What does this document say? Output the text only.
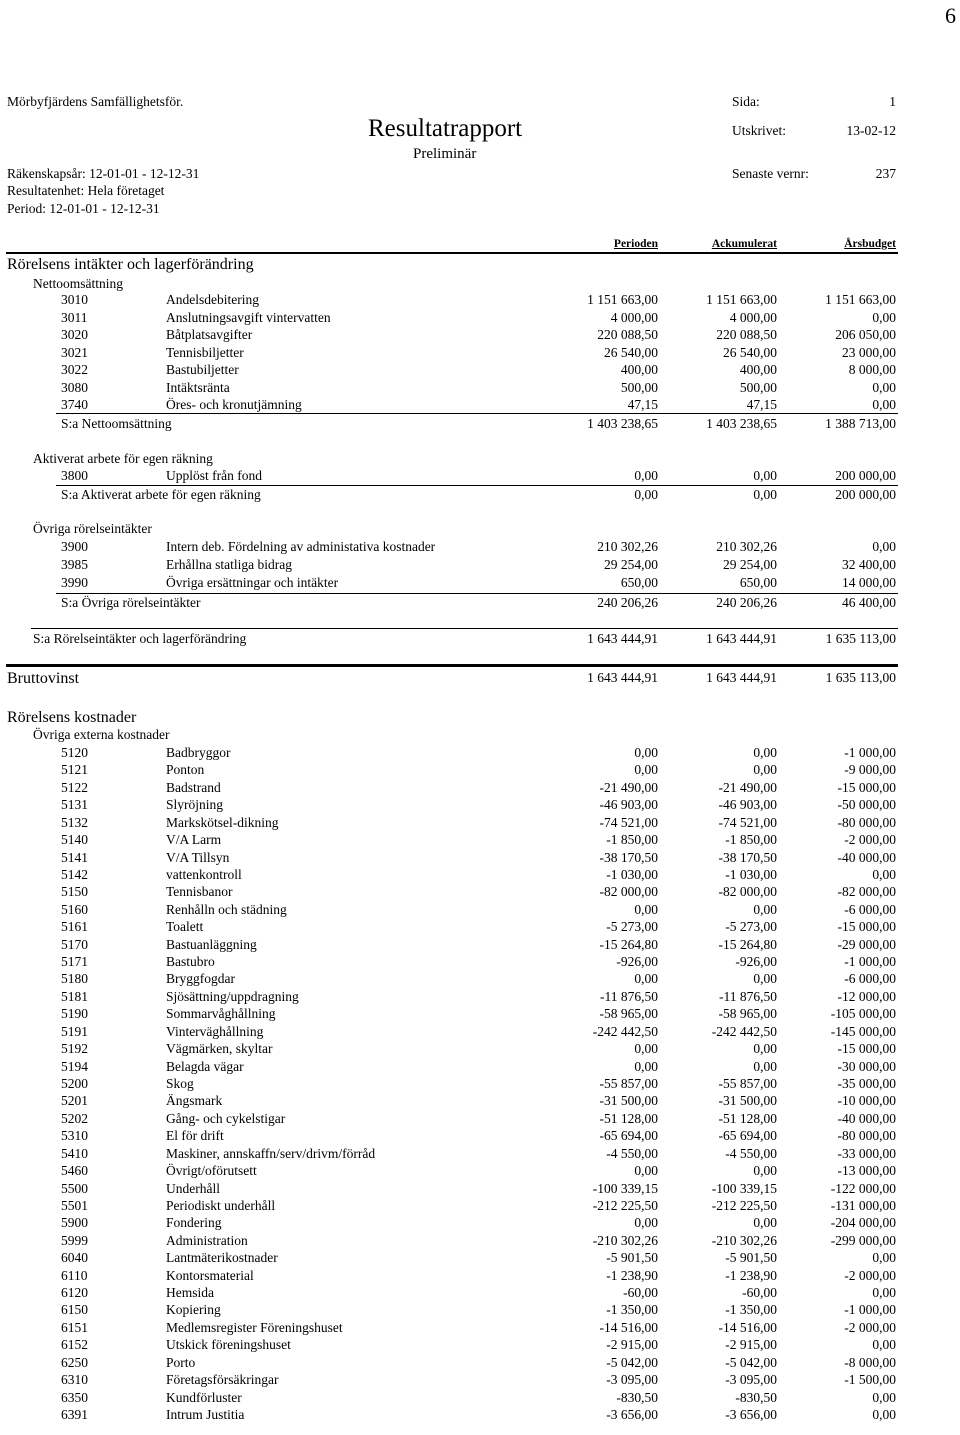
6
Mörbyfjärdens Samfällighetsför.
Resultatrapport
Preliminär
Räkenskapsår: 12-01-01 - 12-12-31
Resultatenhet: Hela företaget
Period: 12-01-01 - 12-12-31
Sida:	1
Utskrivet:	13-02-12
Senaste vernr:	237
Perioden	Ackumulerat	Årsbudget
Rörelsens intäkter och lagerförändring
Nettoomsättning
3010	Andelsdebitering	1 151 663,00	1 151 663,00	1 151 663,00
3011	Anslutningsavgift vintervatten	4 000,00	4 000,00	0,00
3020	Båtplatsavgifter	220 088,50	220 088,50	206 050,00
3021	Tennisbiljetter	26 540,00	26 540,00	23 000,00
3022	Bastubiljetter	400,00	400,00	8 000,00
3080	Intäktsränta	500,00	500,00	0,00
3740	Öres- och kronutjämning	47,15	47,15	0,00
S:a Nettoomsättning	1 403 238,65	1 403 238,65	1 388 713,00
Aktiverat arbete för egen räkning
3800	Upplöst från fond	0,00	0,00	200 000,00
S:a Aktiverat arbete för egen räkning	0,00	0,00	200 000,00
Övriga rörelseintäkter
3900	Intern deb. Fördelning av administativa kostnader	210 302,26	210 302,26	0,00
3985	Erhållna statliga bidrag	29 254,00	29 254,00	32 400,00
3990	Övriga ersättningar och intäkter	650,00	650,00	14 000,00
S:a Övriga rörelseintäkter	240 206,26	240 206,26	46 400,00
S:a Rörelseintäkter och lagerförändring	1 643 444,91	1 643 444,91	1 635 113,00
Bruttovinst	1 643 444,91	1 643 444,91	1 635 113,00
Rörelsens kostnader
Övriga externa kostnader
5120	Badbryggor	0,00	0,00	-1 000,00
5121	Ponton	0,00	0,00	-9 000,00
5122	Badstrand	-21 490,00	-21 490,00	-15 000,00
5131	Slyröjning	-46 903,00	-46 903,00	-50 000,00
5132	Markskötsel-dikning	-74 521,00	-74 521,00	-80 000,00
5140	V/A Larm	-1 850,00	-1 850,00	-2 000,00
5141	V/A Tillsyn	-38 170,50	-38 170,50	-40 000,00
5142	vattenkontroll	-1 030,00	-1 030,00	0,00
5150	Tennisbanor	-82 000,00	-82 000,00	-82 000,00
5160	Renhålln och städning	0,00	0,00	-6 000,00
5161	Toalett	-5 273,00	-5 273,00	-15 000,00
5170	Bastuanläggning	-15 264,80	-15 264,80	-29 000,00
5171	Bastubro	-926,00	-926,00	-1 000,00
5180	Bryggfogdar	0,00	0,00	-6 000,00
5181	Sjösättning/uppdragning	-11 876,50	-11 876,50	-12 000,00
5190	Sommarvåghållning	-58 965,00	-58 965,00	-105 000,00
5191	Vinterväghållning	-242 442,50	-242 442,50	-145 000,00
5192	Vägmärken, skyltar	0,00	0,00	-15 000,00
5194	Belagda vägar	0,00	0,00	-30 000,00
5200	Skog	-55 857,00	-55 857,00	-35 000,00
5201	Ängsmark	-31 500,00	-31 500,00	-10 000,00
5202	Gång- och cykelstigar	-51 128,00	-51 128,00	-40 000,00
5310	El för drift	-65 694,00	-65 694,00	-80 000,00
5410	Maskiner, annskaffn/serv/drivm/förråd	-4 550,00	-4 550,00	-33 000,00
5460	Övrigt/oförutsett	0,00	0,00	-13 000,00
5500	Underhåll	-100 339,15	-100 339,15	-122 000,00
5501	Periodiskt underhåll	-212 225,50	-212 225,50	-131 000,00
5900	Fondering	0,00	0,00	-204 000,00
5999	Administration	-210 302,26	-210 302,26	-299 000,00
6040	Lantmäterikostnader	-5 901,50	-5 901,50	0,00
6110	Kontorsmaterial	-1 238,90	-1 238,90	-2 000,00
6120	Hemsida	-60,00	-60,00	0,00
6150	Kopiering	-1 350,00	-1 350,00	-1 000,00
6151	Medlemsregister Föreningshuset	-14 516,00	-14 516,00	-2 000,00
6152	Utskick föreningshuset	-2 915,00	-2 915,00	0,00
6250	Porto	-5 042,00	-5 042,00	-8 000,00
6310	Företagsförsäkringar	-3 095,00	-3 095,00	-1 500,00
6350	Kundförluster	-830,50	-830,50	0,00
6391	Intrum Justitia	-3 656,00	-3 656,00	0,00
